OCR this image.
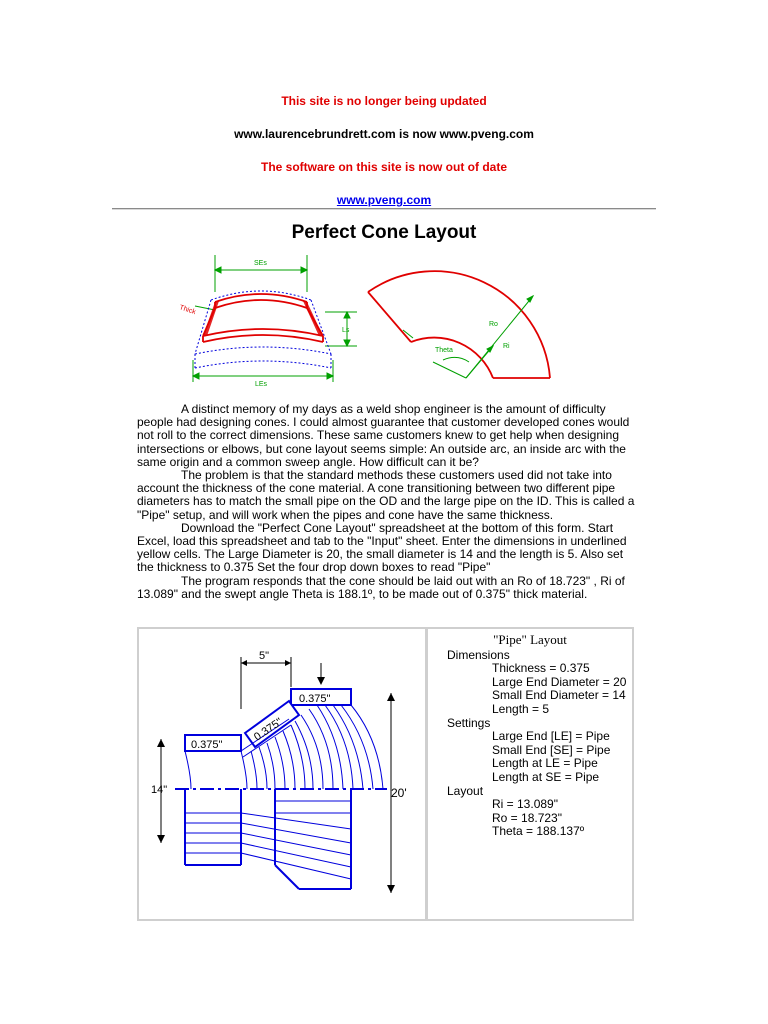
This site is no longer being updated
www.laurencebrundrett.com is now www.pveng.com
The software on this site is now out of date
www.pveng.com
Perfect Cone Layout
SEs
Thick
Ls
LEs
Ro
Ri
Theta

A distinct memory of my days as a weld shop engineer is the amount of difficulty people had designing cones. I could almost guarantee that customer developed cones would not roll to the correct dimensions. These same customers knew to get help when designing intersections or elbows, but cone layout seems simple: An outside arc, an inside arc with the same origin and a common sweep angle. How difficult can it be?

The problem is that the standard methods these customers used did not take into account the thickness of the cone material. A cone transitioning between two different pipe diameters has to match the small pipe on the OD and the large pipe on the ID. This is called a "Pipe" setup, and will work when the pipes and cone have the same thickness.

Download the "Perfect Cone Layout" spreadsheet at the bottom of this form. Start Excel, load this spreadsheet and tab to the "Input" sheet. Enter the dimensions in underlined yellow cells. The Large Diameter is 20, the small diameter is 14 and the length is 5. Also set the thickness to 0.375 Set the four drop down boxes to read "Pipe"

The program responds that the cone should be laid out with an Ro of 18.723" , Ri of 13.089" and the swept angle Theta is 188.1º, to be made out of 0.375" thick material.

5"
0.375"
0.375"
0.375"
14"	20'
"Pipe" Layout
Dimensions
Thickness = 0.375
Large End Diameter = 20
Small End Diameter = 14
Length = 5
Settings
Large End [LE] = Pipe
Small End [SE] = Pipe
Length at LE = Pipe
Length at SE = Pipe
Layout
Ri = 13.089"
Ro = 18.723"
Theta = 188.137º
